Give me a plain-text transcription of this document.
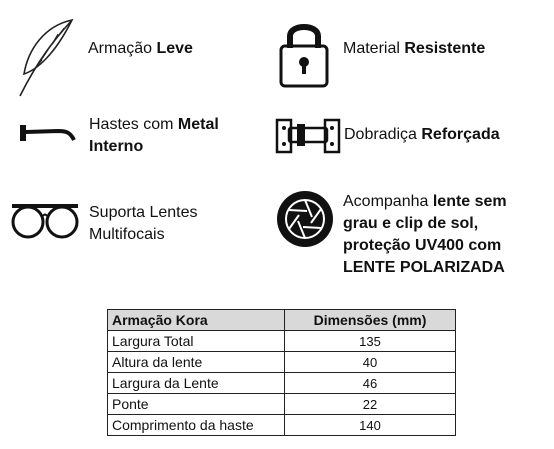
Armação Leve	Material Resistente
Hastes com Metal Interno
Dobradiça Reforçada
Suporta Lentes Multifocais
Acompanha lente sem grau e clip de sol, proteção UV400 com LENTE POLARIZADA
Armação Kora	Dimensões (mm)
Largura Total	135
Altura da lente	40
Largura da Lente	46
Ponte	22
Comprimento da haste	140
